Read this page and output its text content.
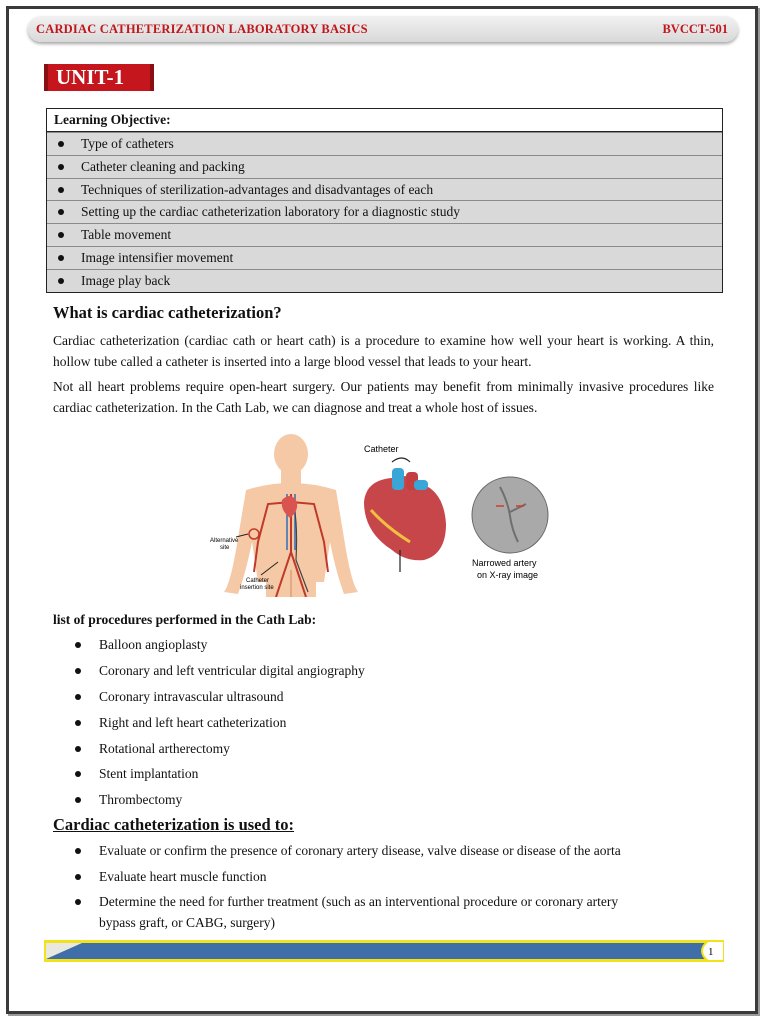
CARDIAC CATHETERIZATION LABORATORY BASICS	BVCCT-501
UNIT-1
Learning Objective:
Type of catheters
Catheter cleaning and packing
Techniques of sterilization-advantages and disadvantages of each
Setting up the cardiac catheterization laboratory for a diagnostic study
Table movement
Image intensifier movement
Image play back
What is cardiac catheterization?
Cardiac catheterization (cardiac cath or heart cath) is a procedure to examine how well your heart is working. A thin, hollow tube called a catheter is inserted into a large blood vessel that leads to your heart.
Not all heart problems require open-heart surgery. Our patients may benefit from minimally invasive procedures like cardiac catheterization. In the Cath Lab, we can diagnose and treat a whole host of issues.
Alternative
site
Catheter
insertion site
Catheter
Narrowed artery
on X-ray image
list of procedures performed in the Cath Lab:
Balloon angioplasty
Coronary and left ventricular digital angiography
Coronary intravascular ultrasound
Right and left heart catheterization
Rotational artherectomy
Stent implantation
Thrombectomy
Cardiac catheterization is used to:
Evaluate or confirm the presence of coronary artery disease, valve disease or disease of the aorta
Evaluate heart muscle function
Determine the need for further treatment (such as an interventional procedure or coronary artery bypass graft, or CABG, surgery)
1
